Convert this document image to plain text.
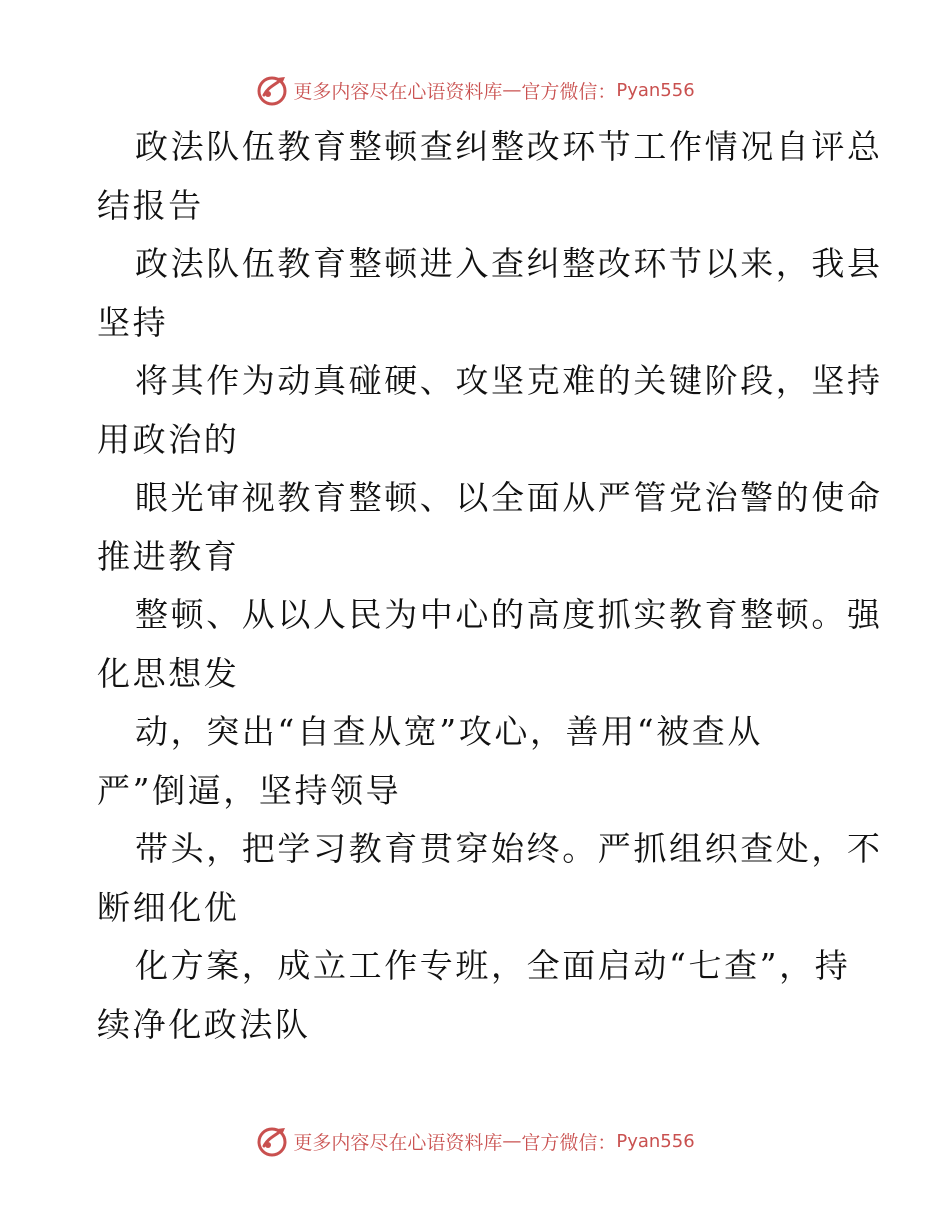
更多内容尽在心语资料库 — 官方微信： Pyan556

政法队伍教育整顿查纠整改环节工作情况自评总
结报告

政法队伍教育整顿进入查纠整改环节以来，我县
坚持

将其作为动真碰硬、攻坚克难的关键阶段，坚持
用政治的

眼光审视教育整顿、以全面从严管党治警的使命
推进教育

整顿、从以人民为中心的高度抓实教育整顿。强
化思想发

动，突出“自查从宽”攻心，善用“被查从
严”倒逼，坚持领导

带头，把学习教育贯穿始终。严抓组织查处，不
断细化优

化方案，成立工作专班，全面启动“七查”，持
续净化政法队

更多内容尽在心语资料库 — 官方微信： Pyan556
